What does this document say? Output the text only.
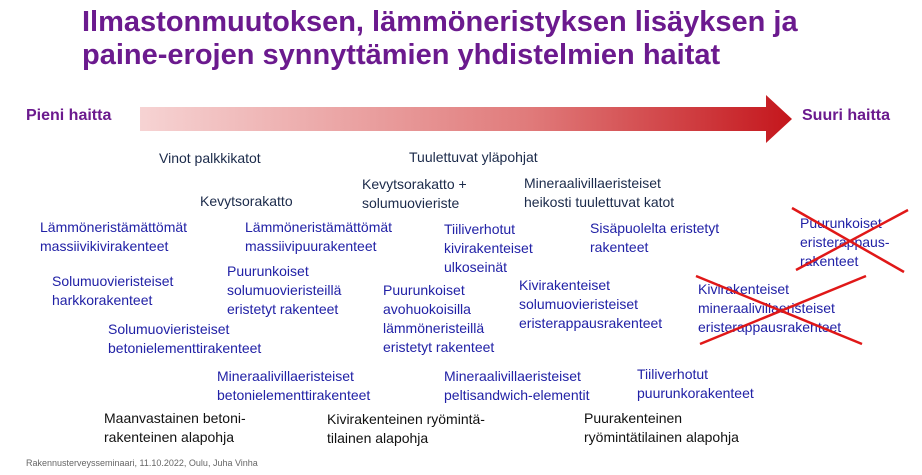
Ilmastonmuutoksen, lämmöneristyksen lisäyksen ja
paine-erojen synnyttämien yhdistelmien haitat
Pieni haitta	Suuri haitta
Vinot palkkikatot	Tuulettuvat yläpohjat
Kevytsorakatto
Kevytsorakatto +
solumuovieriste
Mineraalivillaeristeiset
heikosti tuulettuvat katot
Lämmöneristämättömät
massiivikivirakenteet
Lämmöneristämättömät
massiivipuurakenteet
Tiiliverhotut
kivirakenteiset
ulkoseinät
Sisäpuolelta eristetyt
rakenteet
Puurunkoiset
eristerappaus-
rakenteet
Solumuovieristeiset
harkkorakenteet
Puurunkoiset
solumuovieristeillä
eristetyt rakenteet
Puurunkoiset
avohuokoisilla
lämmöneristeillä
eristetyt rakenteet
Kivirakenteiset
solumuovieristeiset
eristerappausrakenteet
Kivirakenteiset
mineraalivillaeristeiset
eristerappausrakenteet
Solumuovieristeiset
betonielementtirakenteet
Mineraalivillaeristeiset
betonielementtirakenteet
Mineraalivillaeristeiset
peltisandwich-elementit
Tiiliverhotut
puurunkorakenteet
Maanvastainen betoni-
rakenteinen alapohja
Kivirakenteinen ryömintä-
tilainen alapohja
Puurakenteinen
ryömintätilainen alapohja
Rakennusterveysseminaari, 11.10.2022, Oulu, Juha Vinha
